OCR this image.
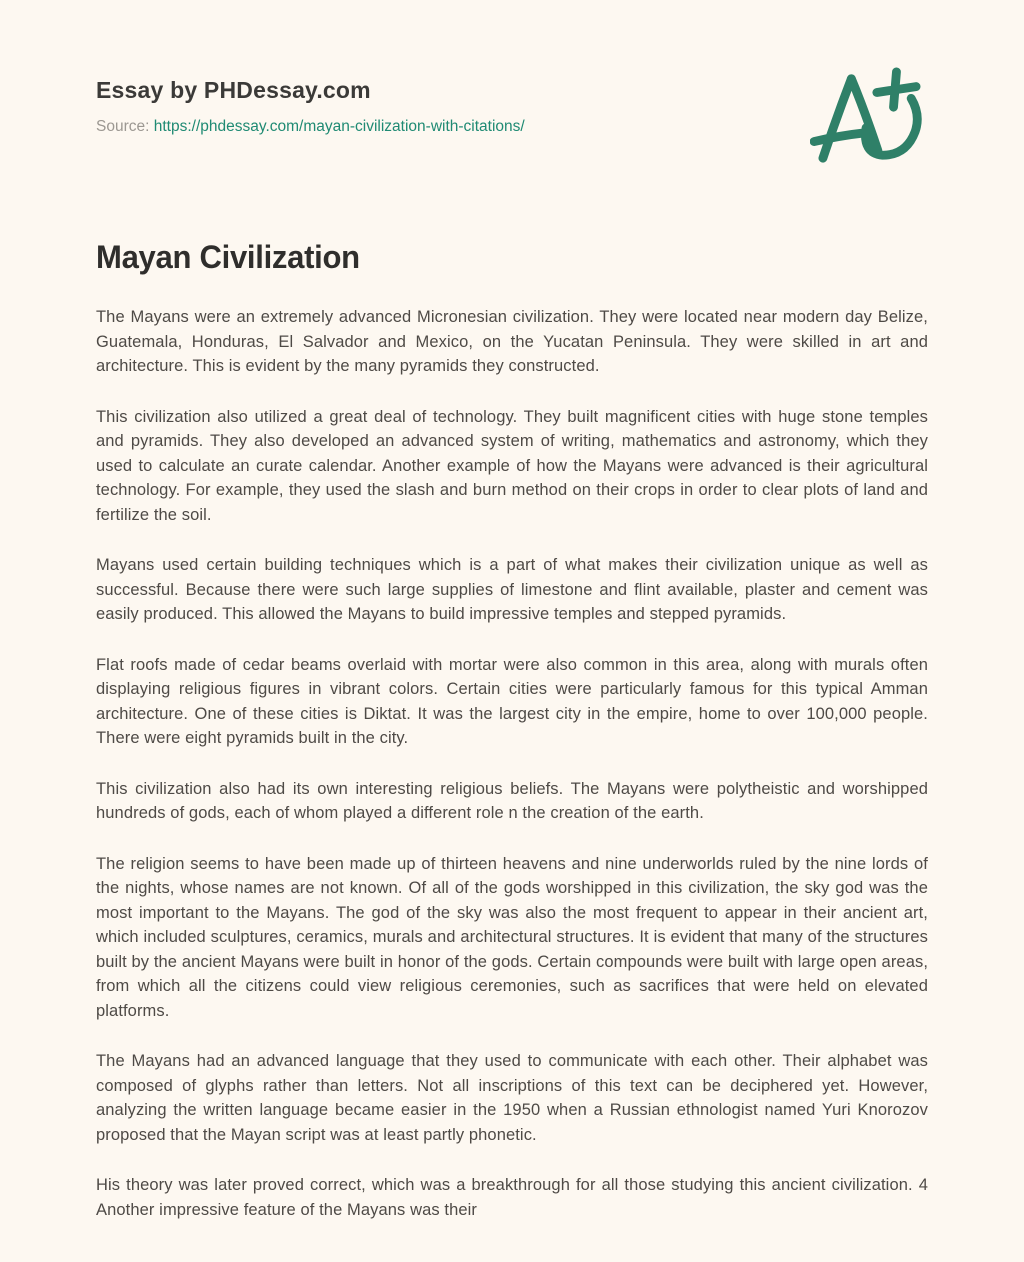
Essay by PHDessay.com
Source: https://phdessay.com/mayan-civilization-with-citations/
Mayan Civilization

The Mayans were an extremely advanced Micronesian civilization. They were located near modern day Belize, Guatemala, Honduras, El Salvador and Mexico, on the Yucatan Peninsula. They were skilled in art and architecture. This is evident by the many pyramids they constructed.

This civilization also utilized a great deal of technology. They built magnificent cities with huge stone temples and pyramids. They also developed an advanced system of writing, mathematics and astronomy, which they used to calculate an curate calendar. Another example of how the Mayans were advanced is their agricultural technology. For example, they used the slash and burn method on their crops in order to clear plots of land and fertilize the soil.

Mayans used certain building techniques which is a part of what makes their civilization unique as well as successful. Because there were such large supplies of limestone and flint available, plaster and cement was easily produced. This allowed the Mayans to build impressive temples and stepped pyramids.

Flat roofs made of cedar beams overlaid with mortar were also common in this area, along with murals often displaying religious figures in vibrant colors. Certain cities were particularly famous for this typical Amman architecture. One of these cities is Diktat. It was the largest city in the empire, home to over 100,000 people. There were eight pyramids built in the city.

This civilization also had its own interesting religious beliefs. The Mayans were polytheistic and worshipped hundreds of gods, each of whom played a different role n the creation of the earth.

The religion seems to have been made up of thirteen heavens and nine underworlds ruled by the nine lords of the nights, whose names are not known. Of all of the gods worshipped in this civilization, the sky god was the most important to the Mayans. The god of the sky was also the most frequent to appear in their ancient art, which included sculptures, ceramics, murals and architectural structures. It is evident that many of the structures built by the ancient Mayans were built in honor of the gods. Certain compounds were built with large open areas, from which all the citizens could view religious ceremonies, such as sacrifices that were held on elevated platforms.

The Mayans had an advanced language that they used to communicate with each other. Their alphabet was composed of glyphs rather than letters. Not all inscriptions of this text can be deciphered yet. However, analyzing the written language became easier in the 1950 when a Russian ethnologist named Yuri Knorozov proposed that the Mayan script was at least partly phonetic.

His theory was later proved correct, which was a breakthrough for all those studying this ancient civilization. 4 Another impressive feature of the Mayans was their
